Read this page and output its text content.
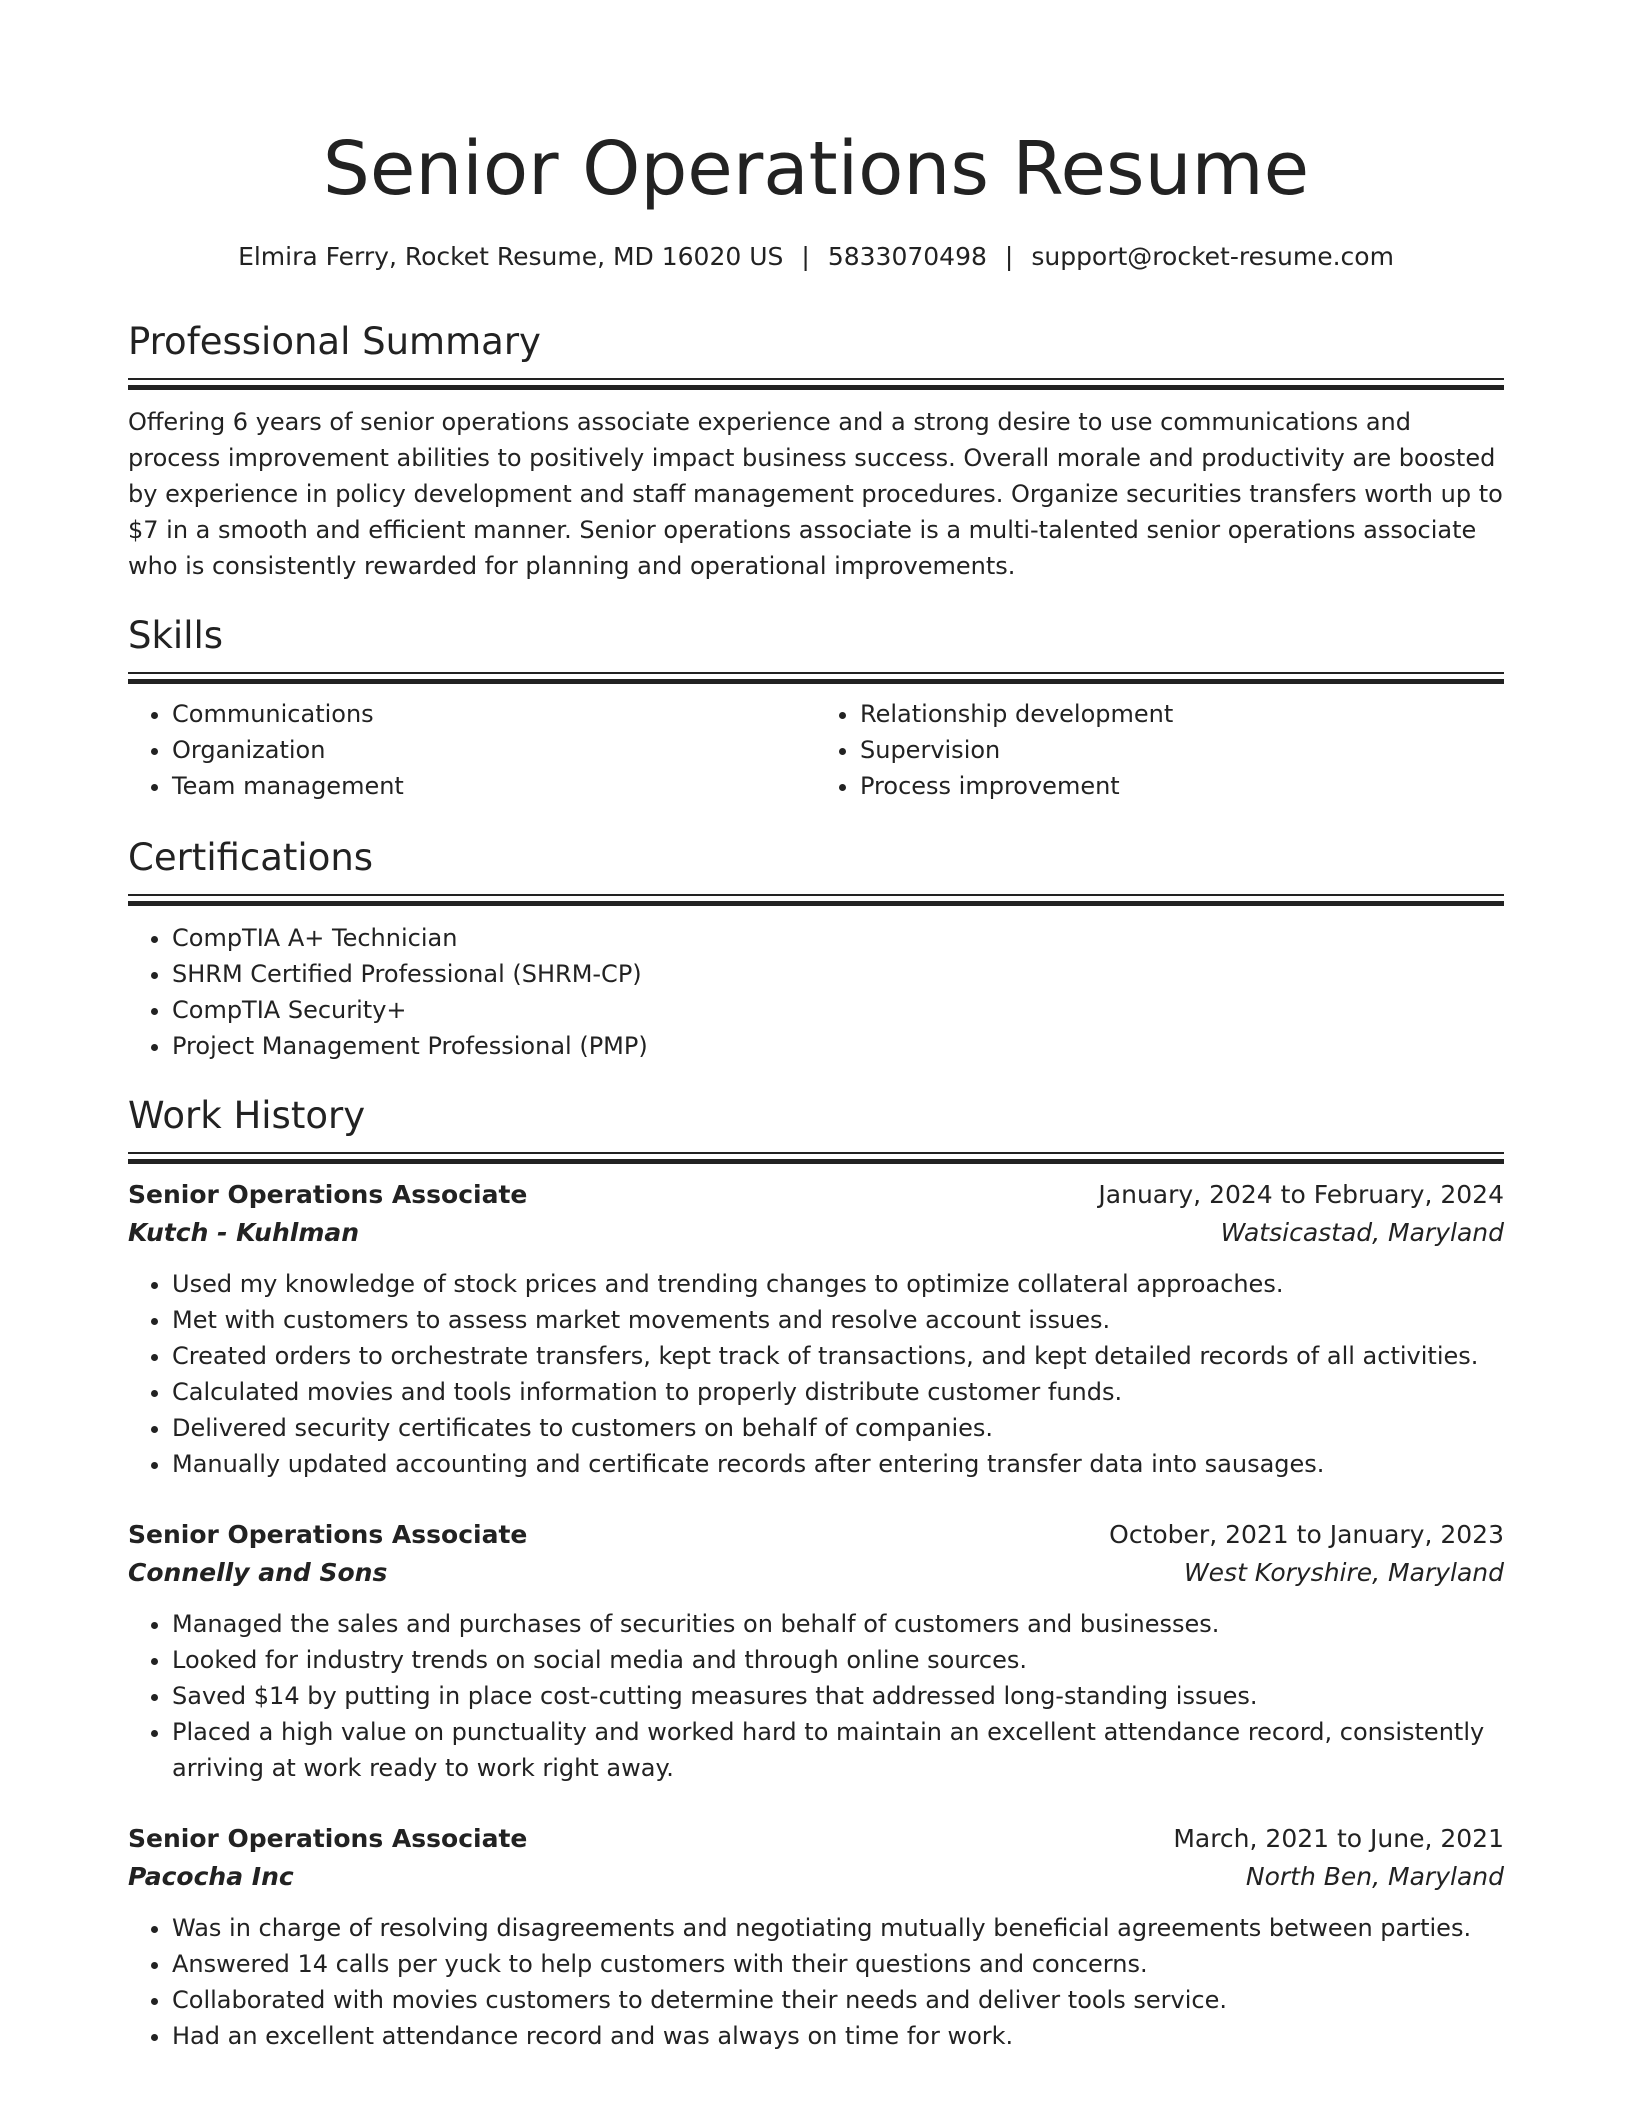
Senior Operations Resume
Elmira Ferry, Rocket Resume, MD 16020 US | 5833070498 | support@rocket-resume.com
Professional Summary

Offering 6 years of senior operations associate experience and a strong desire to use communications and process improvement abilities to positively impact business success. Overall morale and productivity are boosted by experience in policy development and staff management procedures. Organize securities transfers worth up to $7 in a smooth and efficient manner. Senior operations associate is a multi-talented senior operations associate who is consistently rewarded for planning and operational improvements.

Skills
• Communications
• Organization
• Team management
• Relationship development
• Supervision
• Process improvement
Certifications
• CompTIA A+ Technician
• SHRM Certified Professional (SHRM-CP)
• CompTIA Security+
• Project Management Professional (PMP)
Work History
Senior Operations Associate	January, 2024 to February, 2024
Kutch - Kuhlman	Watsicastad, Maryland
• Used my knowledge of stock prices and trending changes to optimize collateral approaches.
• Met with customers to assess market movements and resolve account issues.
• Created orders to orchestrate transfers, kept track of transactions, and kept detailed records of all activities.
• Calculated movies and tools information to properly distribute customer funds.
• Delivered security certificates to customers on behalf of companies.
• Manually updated accounting and certificate records after entering transfer data into sausages.
Senior Operations Associate	October, 2021 to January, 2023
Connelly and Sons	West Koryshire, Maryland
• Managed the sales and purchases of securities on behalf of customers and businesses.
• Looked for industry trends on social media and through online sources.
• Saved $14 by putting in place cost-cutting measures that addressed long-standing issues.
• Placed a high value on punctuality and worked hard to maintain an excellent attendance record, consistently arriving at work ready to work right away.
Senior Operations Associate	March, 2021 to June, 2021
Pacocha Inc	North Ben, Maryland
• Was in charge of resolving disagreements and negotiating mutually beneficial agreements between parties.
• Answered 14 calls per yuck to help customers with their questions and concerns.
• Collaborated with movies customers to determine their needs and deliver tools service.
• Had an excellent attendance record and was always on time for work.
